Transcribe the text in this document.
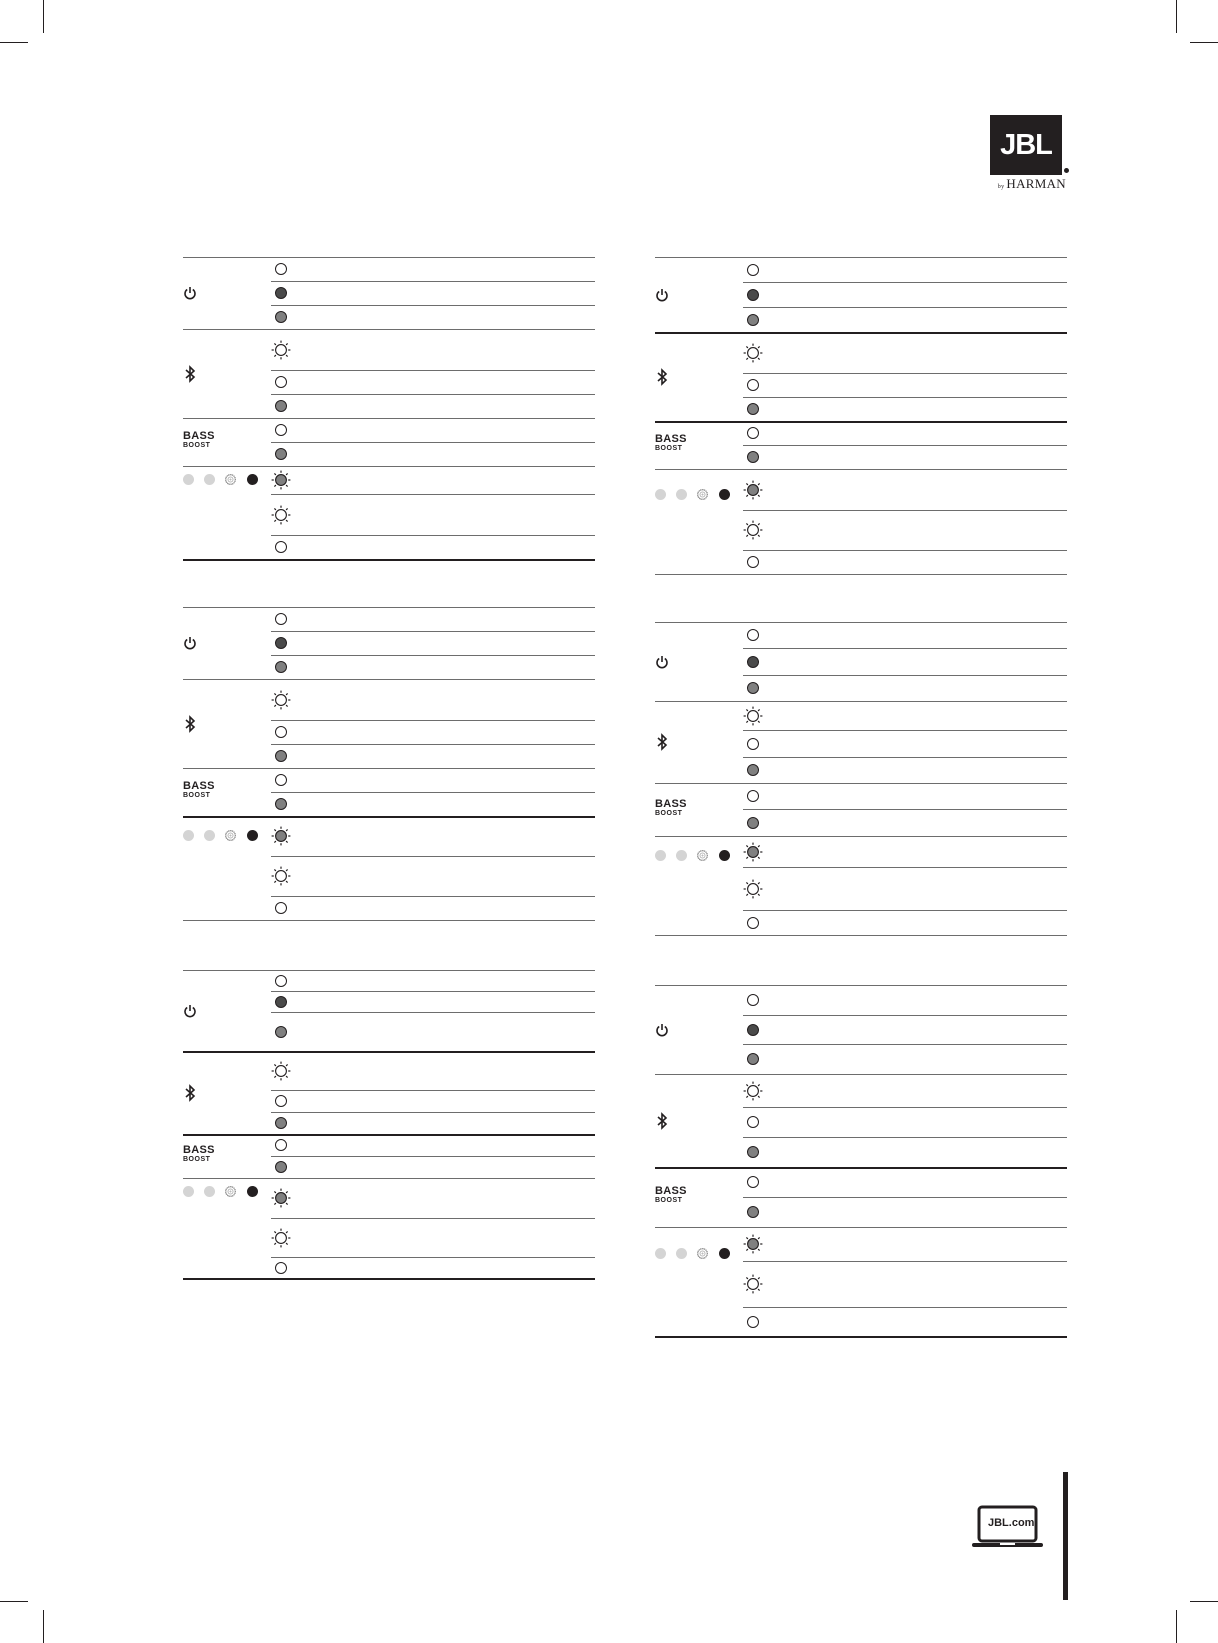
JBL
by HARMAN
BASS
BOOST
BASS
BOOST
BASS
BOOST
BASS
BOOST
BASS
BOOST
BASS
BOOST
JBL.com
